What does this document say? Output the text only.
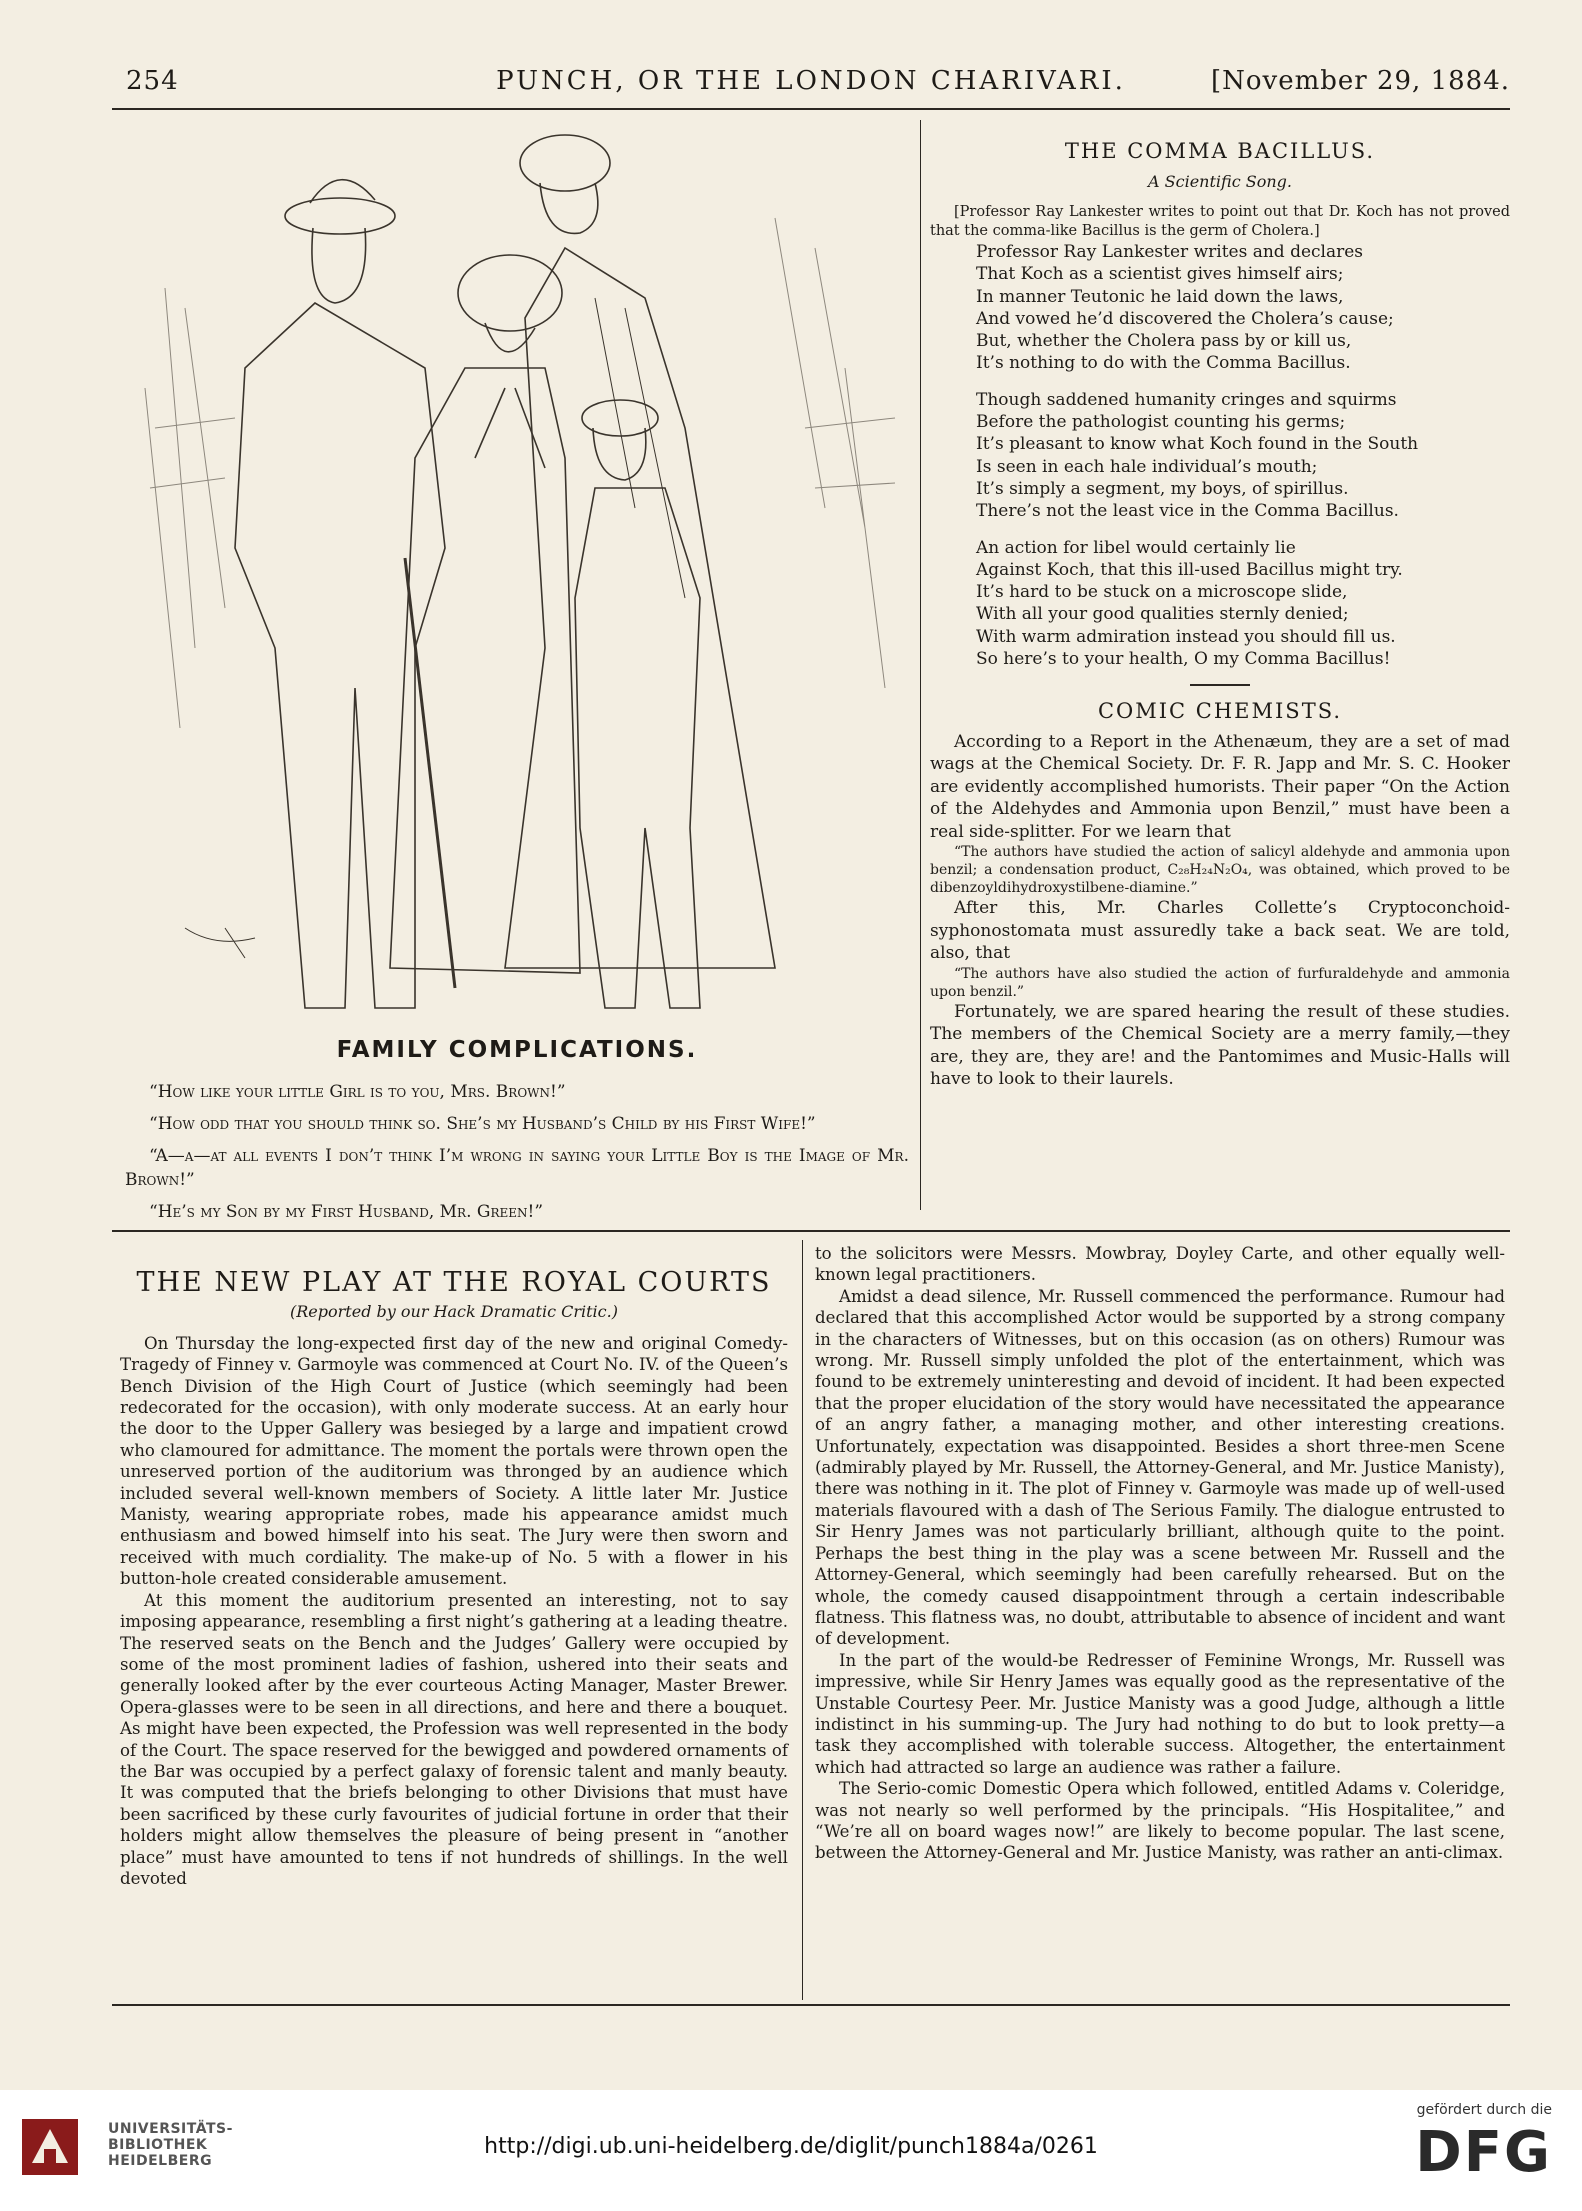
254	PUNCH, OR THE LONDON CHARIVARI.	[November 29, 1884.
FAMILY COMPLICATIONS.

“How like your little Girl is to you, Mrs. Brown!”

“How odd that you should think so. She’s my Husband’s Child by his First Wife!”

“A—a—at all events I don’t think I’m wrong in saying your Little Boy is the Image of Mr. Brown!”

“He’s my Son by my First Husband, Mr. Green!”

THE COMMA BACILLUS.
A Scientific Song.

[Professor Ray Lankester writes to point out that Dr. Koch has not proved that the comma-like Bacillus is the germ of Cholera.]

Professor Ray Lankester writes and declares
That Koch as a scientist gives himself airs;
In manner Teutonic he laid down the laws,
And vowed he’d discovered the Cholera’s cause;
But, whether the Cholera pass by or kill us,
It’s nothing to do with the Comma Bacillus.
Though saddened humanity cringes and squirms
Before the pathologist counting his germs;
It’s pleasant to know what Koch found in the South
Is seen in each hale individual’s mouth;
It’s simply a segment, my boys, of spirillus.
There’s not the least vice in the Comma Bacillus.
An action for libel would certainly lie
Against Koch, that this ill-used Bacillus might try.
It’s hard to be stuck on a microscope slide,
With all your good qualities sternly denied;
With warm admiration instead you should fill us.
So here’s to your health, O my Comma Bacillus!
COMIC CHEMISTS.

According to a Report in the Athenæum, they are a set of mad wags at the Chemical Society. Dr. F. R. Japp and Mr. S. C. Hooker are evidently accomplished humorists. Their paper “On the Action of the Aldehydes and Ammonia upon Benzil,” must have been a real side-splitter. For we learn that

“The authors have studied the action of salicyl aldehyde and ammonia upon benzil; a condensation product, C₂₈H₂₄N₂O₄, was obtained, which proved to be dibenzoyldihydroxystilbene-diamine.”

After this, Mr. Charles Collette’s Cryptoconchoid-syphonostomata must assuredly take a back seat. We are told, also, that

“The authors have also studied the action of furfuraldehyde and ammonia upon benzil.”

Fortunately, we are spared hearing the result of these studies. The members of the Chemical Society are a merry family,—they are, they are, they are! and the Pantomimes and Music-Halls will have to look to their laurels.

THE NEW PLAY AT THE ROYAL COURTS
(Reported by our Hack Dramatic Critic.)

On Thursday the long-expected first day of the new and original Comedy-Tragedy of Finney v. Garmoyle was commenced at Court No. IV. of the Queen’s Bench Division of the High Court of Justice (which seemingly had been redecorated for the occasion), with only moderate success. At an early hour the door to the Upper Gallery was besieged by a large and impatient crowd who clamoured for admittance. The moment the portals were thrown open the unreserved portion of the auditorium was thronged by an audience which included several well-known members of Society. A little later Mr. Justice Manisty, wearing appropriate robes, made his appearance amidst much enthusiasm and bowed himself into his seat. The Jury were then sworn and received with much cordiality. The make-up of No. 5 with a flower in his button-hole created considerable amusement.

At this moment the auditorium presented an interesting, not to say imposing appearance, resembling a first night’s gathering at a leading theatre. The reserved seats on the Bench and the Judges’ Gallery were occupied by some of the most prominent ladies of fashion, ushered into their seats and generally looked after by the ever courteous Acting Manager, Master Brewer. Opera-glasses were to be seen in all directions, and here and there a bouquet. As might have been expected, the Profession was well represented in the body of the Court. The space reserved for the bewigged and powdered ornaments of the Bar was occupied by a perfect galaxy of forensic talent and manly beauty. It was computed that the briefs belonging to other Divisions that must have been sacrificed by these curly favourites of judicial fortune in order that their holders might allow themselves the pleasure of being present in “another place” must have amounted to tens if not hundreds of shillings. In the well devoted

to the solicitors were Messrs. Mowbray, Doyley Carte, and other equally well-known legal practitioners.

Amidst a dead silence, Mr. Russell commenced the performance. Rumour had declared that this accomplished Actor would be supported by a strong company in the characters of Witnesses, but on this occasion (as on others) Rumour was wrong. Mr. Russell simply unfolded the plot of the entertainment, which was found to be extremely uninteresting and devoid of incident. It had been expected that the proper elucidation of the story would have necessitated the appearance of an angry father, a managing mother, and other interesting creations. Unfortunately, expectation was disappointed. Besides a short three-men Scene (admirably played by Mr. Russell, the Attorney-General, and Mr. Justice Manisty), there was nothing in it. The plot of Finney v. Garmoyle was made up of well-used materials flavoured with a dash of The Serious Family. The dialogue entrusted to Sir Henry James was not particularly brilliant, although quite to the point. Perhaps the best thing in the play was a scene between Mr. Russell and the Attorney-General, which seemingly had been carefully rehearsed. But on the whole, the comedy caused disappointment through a certain indescribable flatness. This flatness was, no doubt, attributable to absence of incident and want of development.

In the part of the would-be Redresser of Feminine Wrongs, Mr. Russell was impressive, while Sir Henry James was equally good as the representative of the Unstable Courtesy Peer. Mr. Justice Manisty was a good Judge, although a little indistinct in his summing-up. The Jury had nothing to do but to look pretty—a task they accomplished with tolerable success. Altogether, the entertainment which had attracted so large an audience was rather a failure.

The Serio-comic Domestic Opera which followed, entitled Adams v. Coleridge, was not nearly so well performed by the principals. “His Hospitalitee,” and “We’re all on board wages now!” are likely to become popular. The last scene, between the Attorney-General and Mr. Justice Manisty, was rather an anti-climax.

UNIVERSITÄTS-
BIBLIOTHEK
HEIDELBERG
http://digi.ub.uni-heidelberg.de/diglit/punch1884a/0261
gefördert durch die
DFG
